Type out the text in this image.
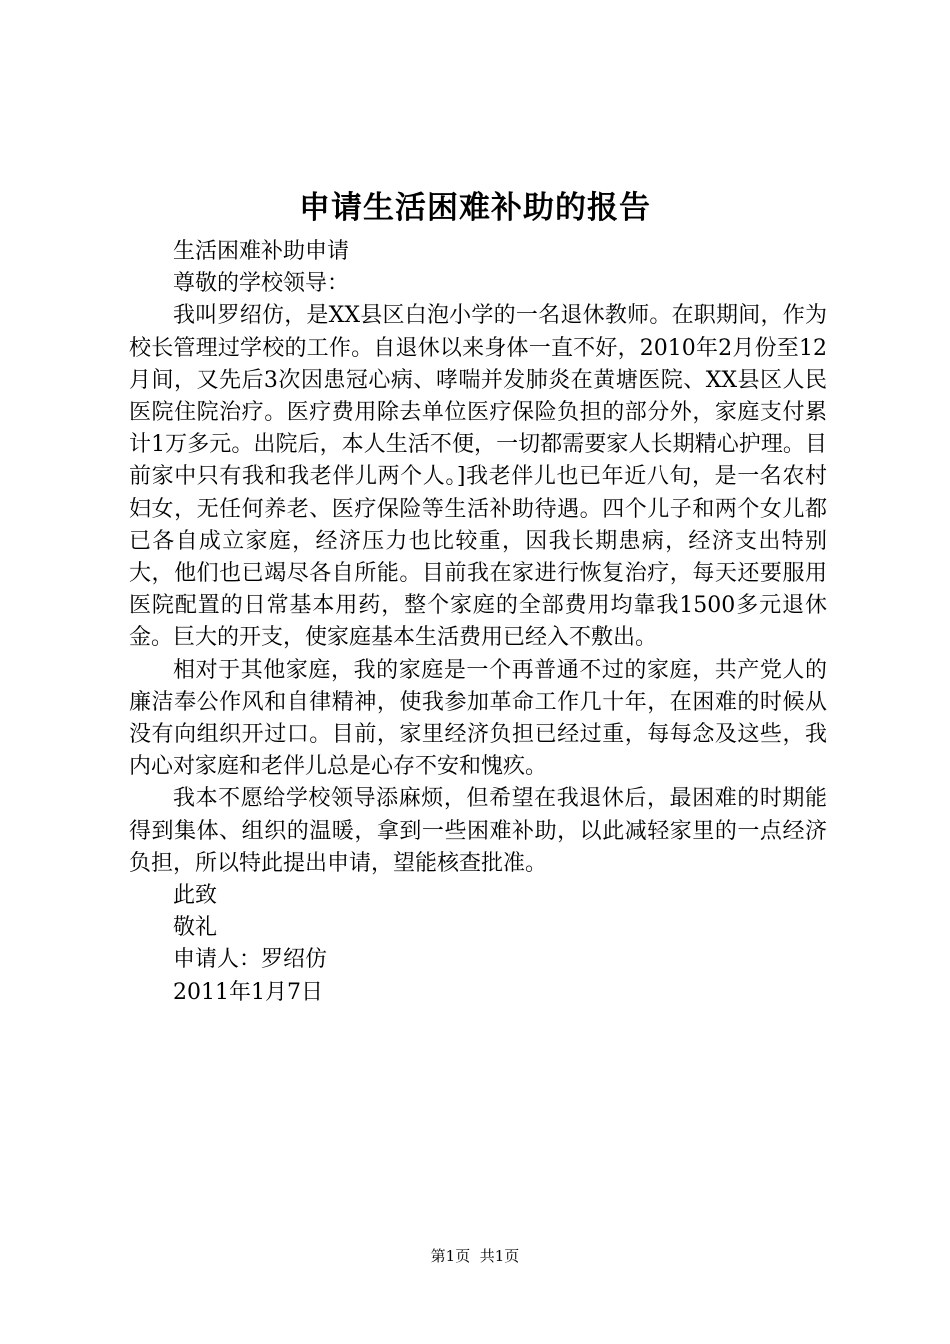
申请生活困难补助的报告

生活困难补助申请

尊敬的学校领导：

我叫罗绍仿，是XX县区白泡小学的一名退休教师。在职期间，作为校长管理过学校的工作。自退休以来身体一直不好，2010年2月份至12月间，又先后3次因患冠心病、哮喘并发肺炎在黄塘医院、XX县区人民医院住院治疗。医疗费用除去单位医疗保险负担的部分外，家庭支付累计1万多元。出院后，本人生活不便，一切都需要家人长期精心护理。目前家中只有我和我老伴儿两个人。]我老伴儿也已年近八旬，是一名农村妇女，无任何养老、医疗保险等生活补助待遇。四个儿子和两个女儿都已各自成立家庭，经济压力也比较重，因我长期患病，经济支出特别大，他们也已竭尽各自所能。目前我在家进行恢复治疗，每天还要服用医院配置的日常基本用药，整个家庭的全部费用均靠我1500多元退休金。巨大的开支，使家庭基本生活费用已经入不敷出。

相对于其他家庭，我的家庭是一个再普通不过的家庭，共产党人的廉洁奉公作风和自律精神，使我参加革命工作几十年，在困难的时候从没有向组织开过口。目前，家里经济负担已经过重，每每念及这些，我内心对家庭和老伴儿总是心存不安和愧疚。

我本不愿给学校领导添麻烦，但希望在我退休后，最困难的时期能得到集体、组织的温暖，拿到一些困难补助，以此减轻家里的一点经济负担，所以特此提出申请，望能核查批准。

此致

敬礼

申请人：罗绍仿

2011年1月7日

第1页 共1页
